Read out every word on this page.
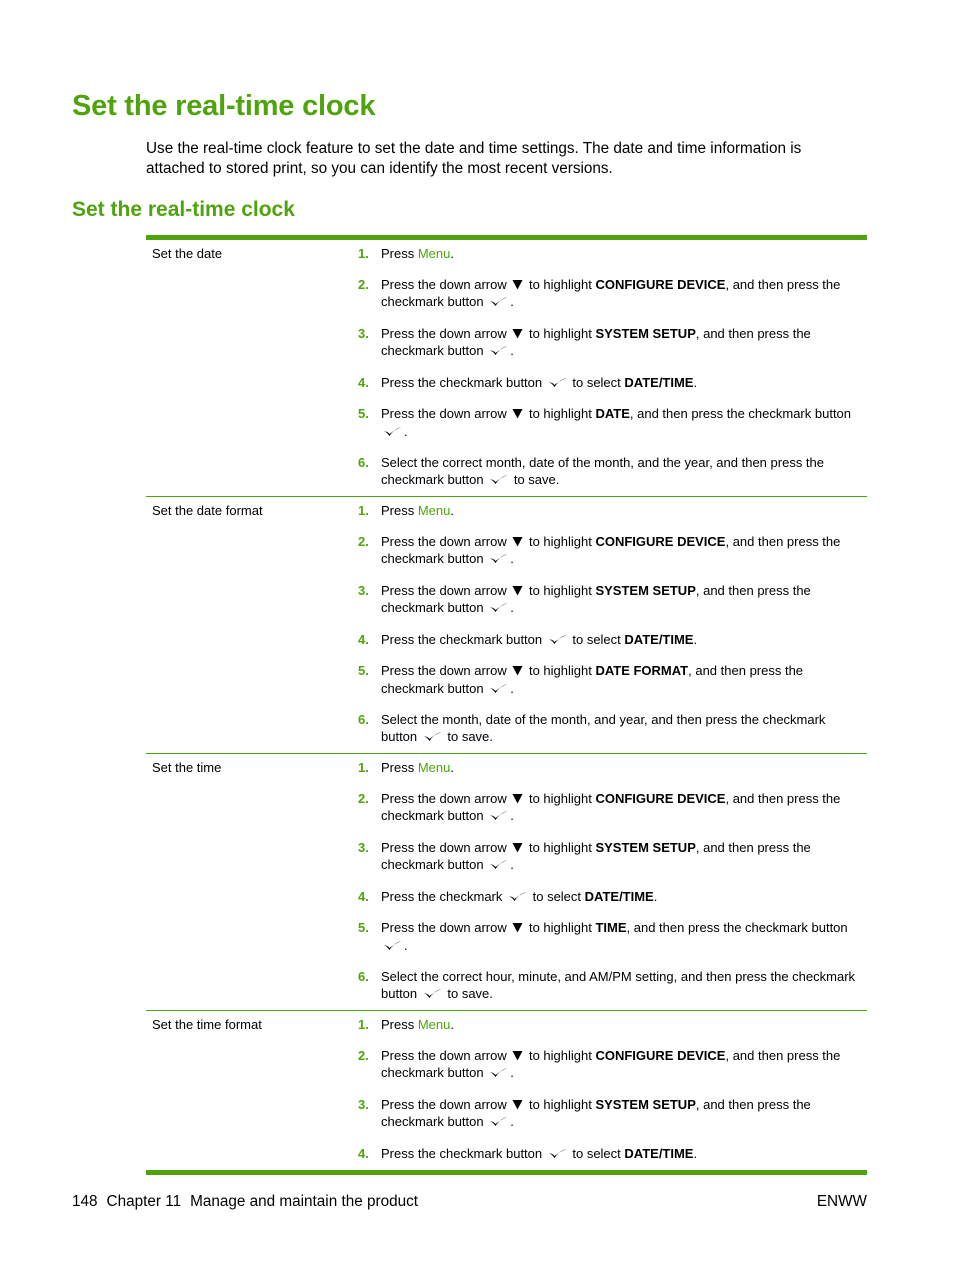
Set the real-time clock

Use the real-time clock feature to set the date and time settings. The date and time information is attached to stored print, so you can identify the most recent versions.

Set the real-time clock
Set the date	1. Press Menu.
2. Press the down arrow  to highlight CONFIGURE DEVICE, and then press the checkmark button .
3. Press the down arrow  to highlight SYSTEM SETUP, and then press the checkmark button .
4. Press the checkmark button  to select DATE/TIME.
5. Press the down arrow  to highlight DATE, and then press the checkmark button .
6. Select the correct month, date of the month, and the year, and then press the checkmark button  to save.
Set the date format	1. Press Menu.
2. Press the down arrow  to highlight CONFIGURE DEVICE, and then press the checkmark button .
3. Press the down arrow  to highlight SYSTEM SETUP, and then press the checkmark button .
4. Press the checkmark button  to select DATE/TIME.
5. Press the down arrow  to highlight DATE FORMAT, and then press the checkmark button .
6. Select the month, date of the month, and year, and then press the checkmark button  to save.
Set the time	1. Press Menu.
2. Press the down arrow  to highlight CONFIGURE DEVICE, and then press the checkmark button .
3. Press the down arrow  to highlight SYSTEM SETUP, and then press the checkmark button .
4. Press the checkmark  to select DATE/TIME.
5. Press the down arrow  to highlight TIME, and then press the checkmark button .
6. Select the correct hour, minute, and AM/PM setting, and then press the checkmark button  to save.
Set the time format	1. Press Menu.
2. Press the down arrow  to highlight CONFIGURE DEVICE, and then press the checkmark button .
3. Press the down arrow  to highlight SYSTEM SETUP, and then press the checkmark button .
4. Press the checkmark button  to select DATE/TIME.

148 Chapter 11 Manage and maintain the product	ENWW
